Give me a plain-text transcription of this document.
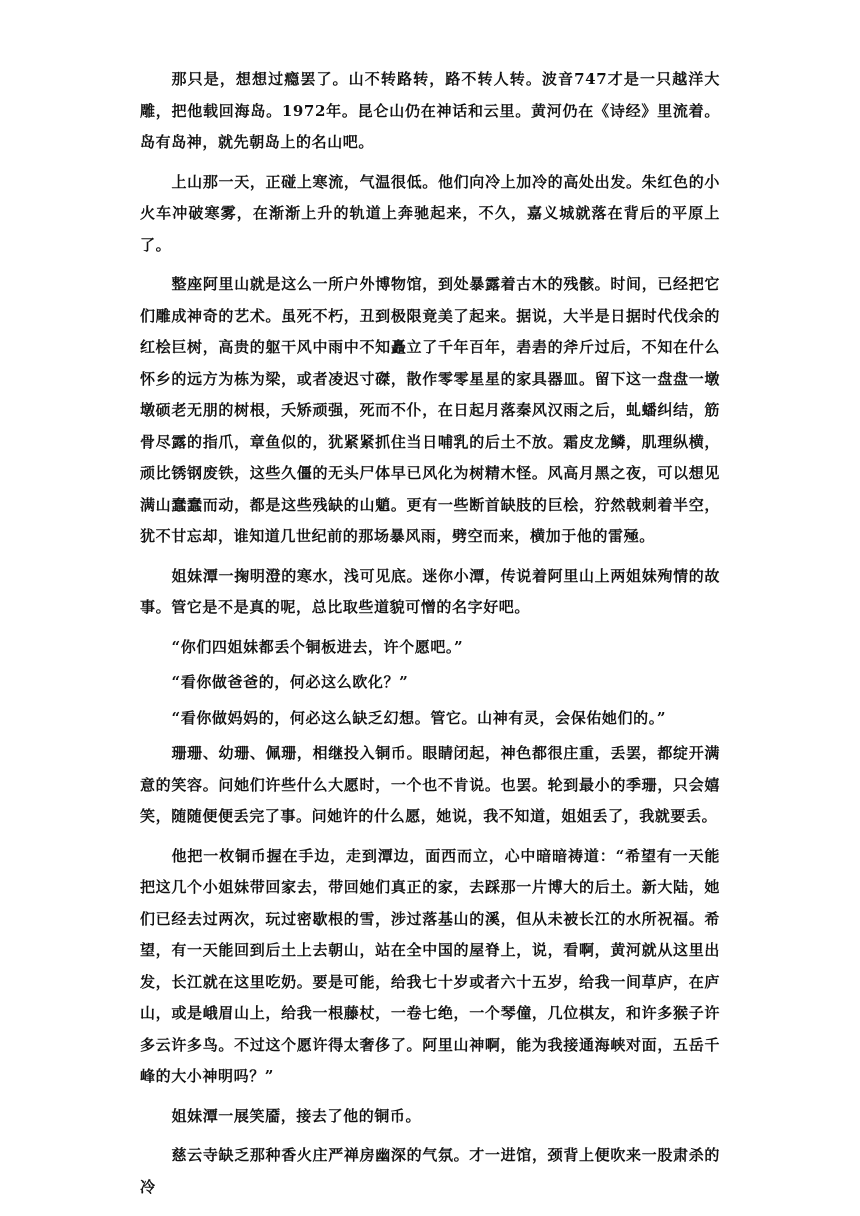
那只是，想想过瘾罢了。山不转路转，路不转人转。波音747才是一只越洋大雕，把他载回海岛。1972年。昆仑山仍在神话和云里。黄河仍在《诗经》里流着。岛有岛神，就先朝岛上的名山吧。

上山那一天，正碰上寒流，气温很低。他们向冷上加冷的高处出发。朱红色的小火车冲破寒雾，在渐渐上升的轨道上奔驰起来，不久，嘉义城就落在背后的平原上了。

整座阿里山就是这么一所户外博物馆，到处暴露着古木的残骸。时间，已经把它们雕成神奇的艺术。虽死不朽，丑到极限竟美了起来。据说，大半是日据时代伐余的红桧巨树，高贵的躯干风中雨中不知矗立了千年百年，砉砉的斧斤过后，不知在什么怀乡的远方为栋为梁，或者凌迟寸磔，散作零零星星的家具器皿。留下这一盘盘一墩墩硕老无朋的树根，夭矫顽强，死而不仆，在日起月落秦风汉雨之后，虬蟠纠结，筋骨尽露的指爪，章鱼似的，犹紧紧抓住当日哺乳的后土不放。霜皮龙鳞，肌理纵横，顽比锈钢废铁，这些久僵的无头尸体早已风化为树精木怪。风高月黑之夜，可以想见满山蠢蠢而动，都是这些残缺的山魈。更有一些断首缺肢的巨桧，狞然戟刺着半空，犹不甘忘却，谁知道几世纪前的那场暴风雨，劈空而来，横加于他的雷殛。

姐妹潭一掬明澄的寒水，浅可见底。迷你小潭，传说着阿里山上两姐妹殉情的故事。管它是不是真的呢，总比取些道貌可憎的名字好吧。

“你们四姐妹都丢个铜板进去，许个愿吧。”

“看你做爸爸的，何必这么欧化？”

“看你做妈妈的，何必这么缺乏幻想。管它。山神有灵，会保佑她们的。”

珊珊、幼珊、佩珊，相继投入铜币。眼睛闭起，神色都很庄重，丢罢，都绽开满意的笑容。问她们许些什么大愿时，一个也不肯说。也罢。轮到最小的季珊，只会嬉笑，随随便便丢完了事。问她许的什么愿，她说，我不知道，姐姐丢了，我就要丢。

他把一枚铜币握在手边，走到潭边，面西而立，心中暗暗祷道：“希望有一天能把这几个小姐妹带回家去，带回她们真正的家，去踩那一片博大的后土。新大陆，她们已经去过两次，玩过密歇根的雪，涉过落基山的溪，但从未被长江的水所祝福。希望，有一天能回到后土上去朝山，站在全中国的屋脊上，说，看啊，黄河就从这里出发，长江就在这里吃奶。要是可能，给我七十岁或者六十五岁，给我一间草庐，在庐山，或是峨眉山上，给我一根藤杖，一卷七绝，一个琴僮，几位棋友，和许多猴子许多云许多鸟。不过这个愿许得太奢侈了。阿里山神啊，能为我接通海峡对面，五岳千峰的大小神明吗？”

姐妹潭一展笑靥，接去了他的铜币。

慈云寺缺乏那种香火庄严禅房幽深的气氛。才一进馆，颈背上便吹来一股肃杀的冷
